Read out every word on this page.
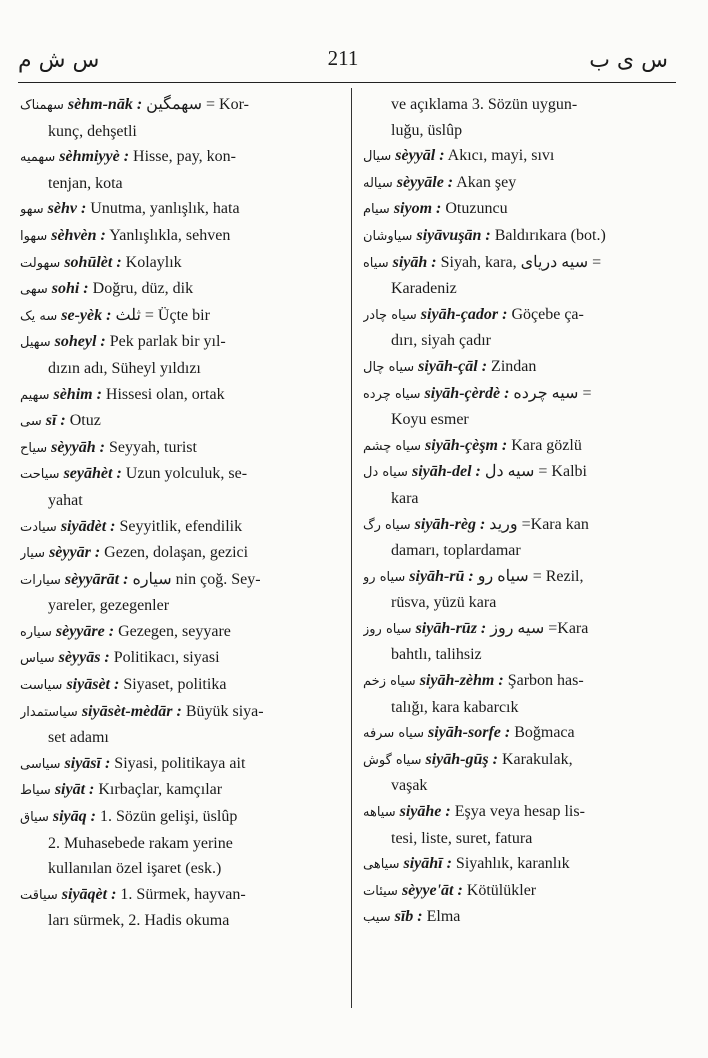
س ش م	211	س ی ب
سهمناک sèhm-nāk : سهمگین = Kor-
kunç, dehşetli
سهمیه sèhmiyyè : Hisse, pay, kon-
tenjan, kota
سهو sèhv : Unutma, yanlışlık, hata
سهوا sèhvèn : Yanlışlıkla, sehven
سهولت sohūlèt : Kolaylık
سهی sohi : Doğru, düz, dik
سه یک se-yèk : ثلث = Üçte bir
سهیل soheyl : Pek parlak bir yıl-
dızın adı, Süheyl yıldızı
سهیم sèhim : Hissesi olan, ortak
سی sī : Otuz
سیاح sèyyāh : Seyyah, turist
سیاحت seyāhèt : Uzun yolculuk, se-
yahat
سیادت siyādèt : Seyyitlik, efendilik
سیار sèyyār : Gezen, dolaşan, gezici
سیارات sèyyārāt : سیاره nin çoğ. Sey-
yareler, gezegenler
سیاره sèyyāre : Gezegen, seyyare
سیاس sèyyās : Politikacı, siyasi
سیاست siyāsèt : Siyaset, politika
سیاستمدار siyāsèt-mèdār : Büyük siya-
set adamı
سیاسی siyāsī : Siyasi, politikaya ait
سیاط siyāt : Kırbaçlar, kamçılar
سیاق siyāq : 1. Sözün gelişi, üslûp
2. Muhasebede rakam yerine
kullanılan özel işaret (esk.)
سیاقت siyāqèt : 1. Sürmek, hayvan-
ları sürmek, 2. Hadis okuma
ve açıklama 3. Sözün uygun-
luğu, üslûp
سیال sèyyāl : Akıcı, mayi, sıvı
سیاله sèyyāle : Akan şey
سیام siyom : Otuzuncu
سیاوشان siyāvuşān : Baldırıkara (bot.)
سیاه siyāh : Siyah, kara, سیه دریای =
Karadeniz
سیاه چادر siyāh-çador : Göçebe ça-
dırı, siyah çadır
سیاه چال siyāh-çāl : Zindan
سیاه چرده siyāh-çèrdè : سیه چرده =
Koyu esmer
سیاه چشم siyāh-çèşm : Kara gözlü
سیاه دل siyāh-del : سیه دل = Kalbi
kara
سیاه رگ siyāh-règ : ورید =Kara kan
damarı, toplardamar
سیاه رو siyāh-rū : سیاه رو = Rezil,
rüsva, yüzü kara
سیاه روز siyāh-rūz : سیه روز =Kara
bahtlı, talihsiz
سیاه زخم siyāh-zèhm : Şarbon has-
talığı, kara kabarcık
سیاه سرفه siyāh-sorfe : Boğmaca
سیاه گوش siyāh-gūş : Karakulak,
vaşak
سیاهه siyāhe : Eşya veya hesap lis-
tesi, liste, suret, fatura
سیاهی siyāhī : Siyahlık, karanlık
سیئات sèyye'āt : Kötülükler
سیب sīb : Elma
